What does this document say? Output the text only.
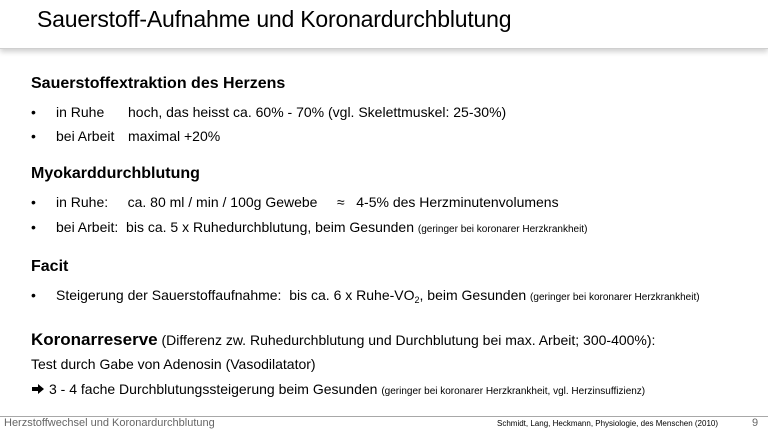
Sauerstoff-Aufnahme und Koronardurchblutung
Sauerstoffextraktion des Herzens
• in Ruhe hoch, das heisst ca. 60% - 70% (vgl. Skelettmuskel: 25-30%)
• bei Arbeit maximal +20%
Myokarddurchblutung
• in Ruhe:     ca. 80 ml / min / 100g Gewebe     ≈   4-5% des Herzminutenvolumens
• bei Arbeit:  bis ca. 5 x Ruhedurchblutung, beim Gesunden (geringer bei koronarer Herzkrankheit)
Facit
• Steigerung der Sauerstoffaufnahme:  bis ca. 6 x Ruhe-$VO_2$, beim Gesunden (geringer bei koronarer Herzkrankheit)
Koronarreserve (Differenz zw. Ruhedurchblutung und Durchblutung bei max. Arbeit; 300-400%):
Test durch Gabe von Adenosin (Vasodilatator)
3 - 4 fache Durchblutungssteigerung beim Gesunden (geringer bei koronarer Herzkrankheit, vgl. Herzinsuffizienz)
Herzstoffwechsel und Koronardurchblutung	Schmidt, Lang, Heckmann, Physiologie, des Menschen (2010)	9
